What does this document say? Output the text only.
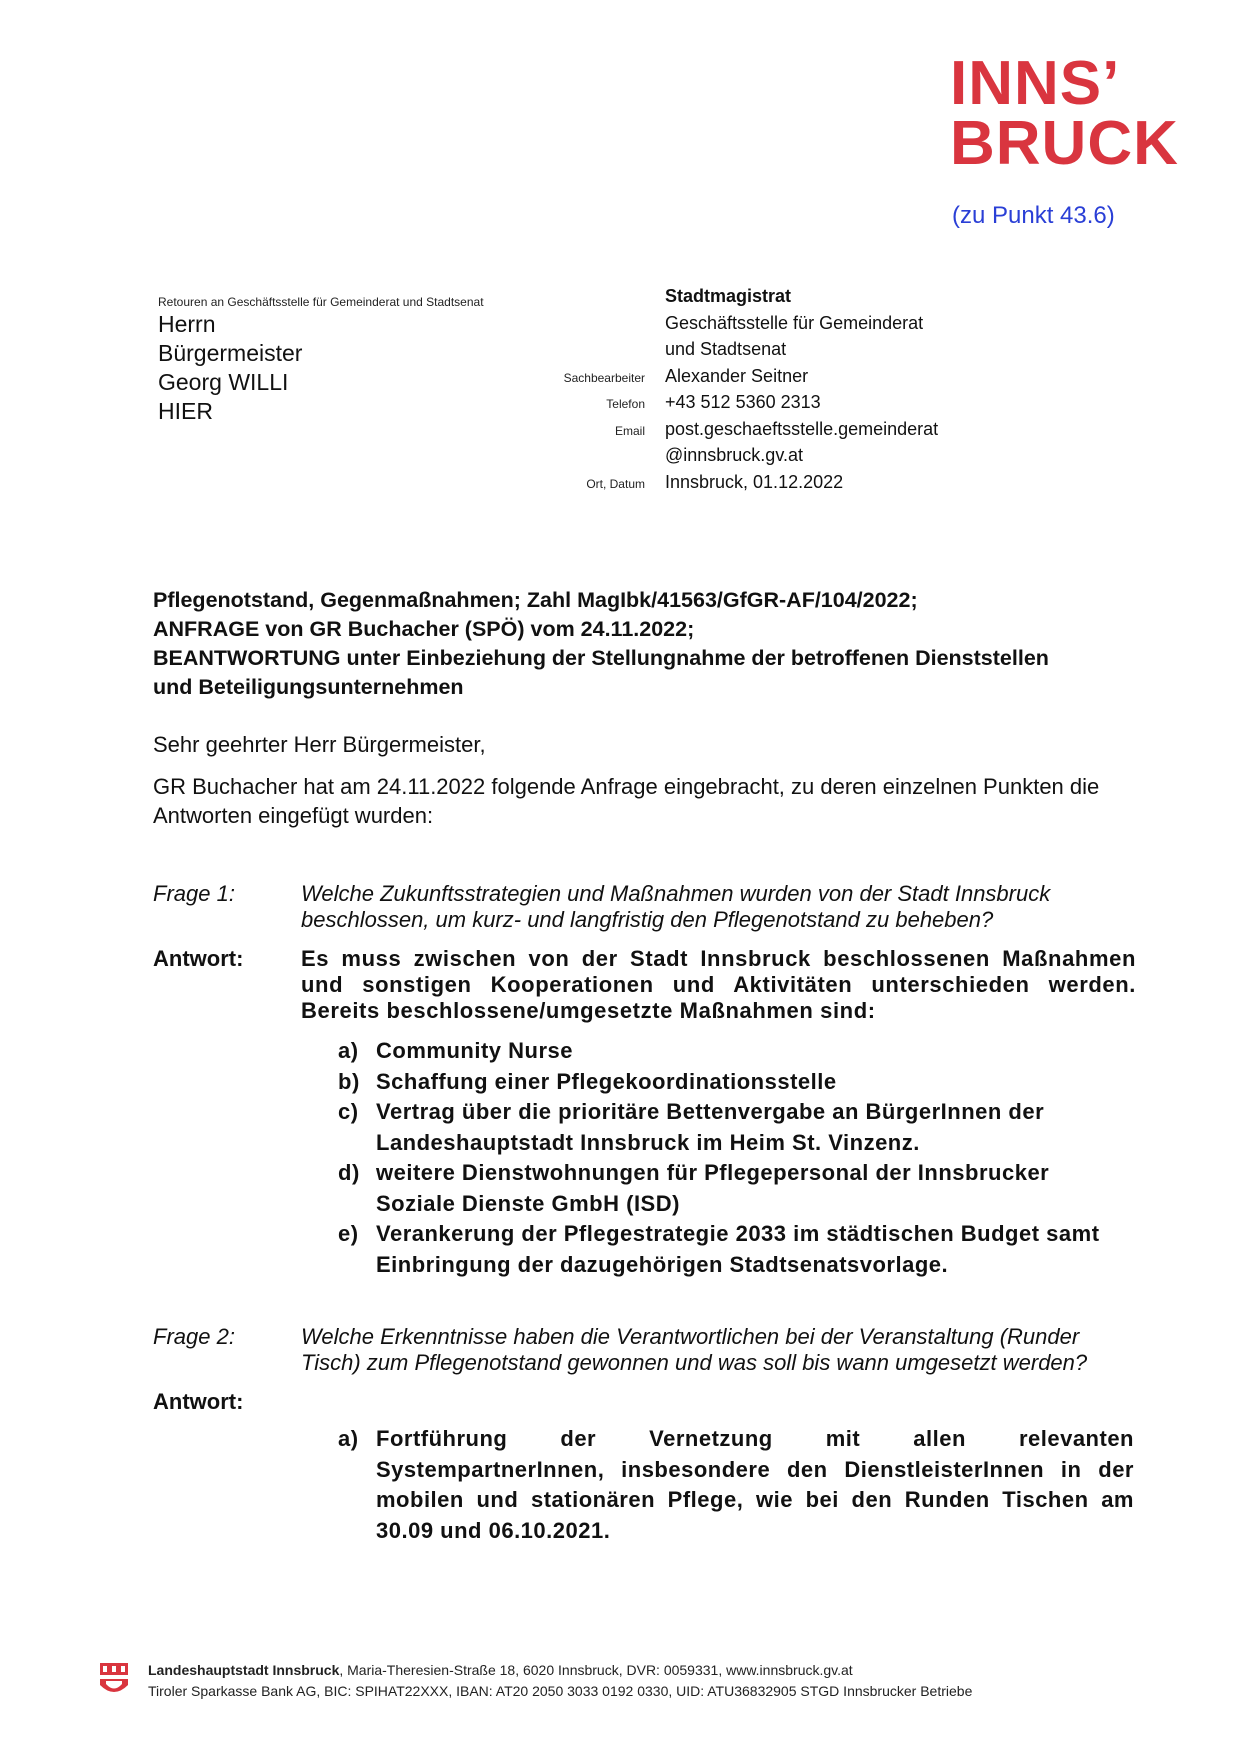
INNS’
BRUCK
(zu Punkt 43.6)
Retouren an Geschäftsstelle für Gemeinderat und Stadtsenat
Herrn
Bürgermeister
Georg WILLI
HIER
Stadtmagistrat
Geschäftsstelle für Gemeinderat
und Stadtsenat
Sachbearbeiter	Alexander Seitner
Telefon	+43 512 5360 2313
Email	post.geschaeftsstelle.gemeinderat
@innsbruck.gv.at
Ort, Datum	Innsbruck, 01.12.2022
Pflegenotstand, Gegenmaßnahmen; Zahl MagIbk/41563/GfGR-AF/104/2022;
ANFRAGE von GR Buchacher (SPÖ) vom 24.11.2022;
BEANTWORTUNG unter Einbeziehung der Stellungnahme der betroffenen Dienststellen
und Beteiligungsunternehmen
Sehr geehrter Herr Bürgermeister,
GR Buchacher hat am 24.11.2022 folgende Anfrage eingebracht, zu deren einzelnen Punkten die Antworten eingefügt wurden:
Frage 1:	Welche Zukunftsstrategien und Maßnahmen wurden von der Stadt Innsbruck beschlossen, um kurz- und langfristig den Pflegenotstand zu beheben?
Antwort:	Es muss zwischen von der Stadt Innsbruck beschlossenen Maßnahmen und sonstigen Kooperationen und Aktivitäten unterschieden werden. Bereits beschlossene/umgesetzte Maßnahmen sind:
a) Community Nurse
b) Schaffung einer Pflegekoordinationsstelle
c) Vertrag über die prioritäre Bettenvergabe an BürgerInnen der Landeshauptstadt Innsbruck im Heim St. Vinzenz.
d) weitere Dienstwohnungen für Pflegepersonal der Innsbrucker Soziale Dienste GmbH (ISD)
e) Verankerung der Pflegestrategie 2033 im städtischen Budget samt Einbringung der dazugehörigen Stadtsenatsvorlage.
Frage 2:	Welche Erkenntnisse haben die Verantwortlichen bei der Veranstaltung (Runder Tisch) zum Pflegenotstand gewonnen und was soll bis wann umgesetzt werden?
Antwort:
a) Fortführung der Vernetzung mit allen relevanten SystempartnerInnen, insbesondere den DienstleisterInnen in der mobilen und stationären Pflege, wie bei den Runden Tischen am 30.09 und 06.10.2021.
Landeshauptstadt Innsbruck, Maria-Theresien-Straße 18, 6020 Innsbruck, DVR: 0059331, www.innsbruck.gv.at
Tiroler Sparkasse Bank AG, BIC: SPIHAT22XXX, IBAN: AT20 2050 3033 0192 0330, UID: ATU36832905 STGD Innsbrucker Betriebe
